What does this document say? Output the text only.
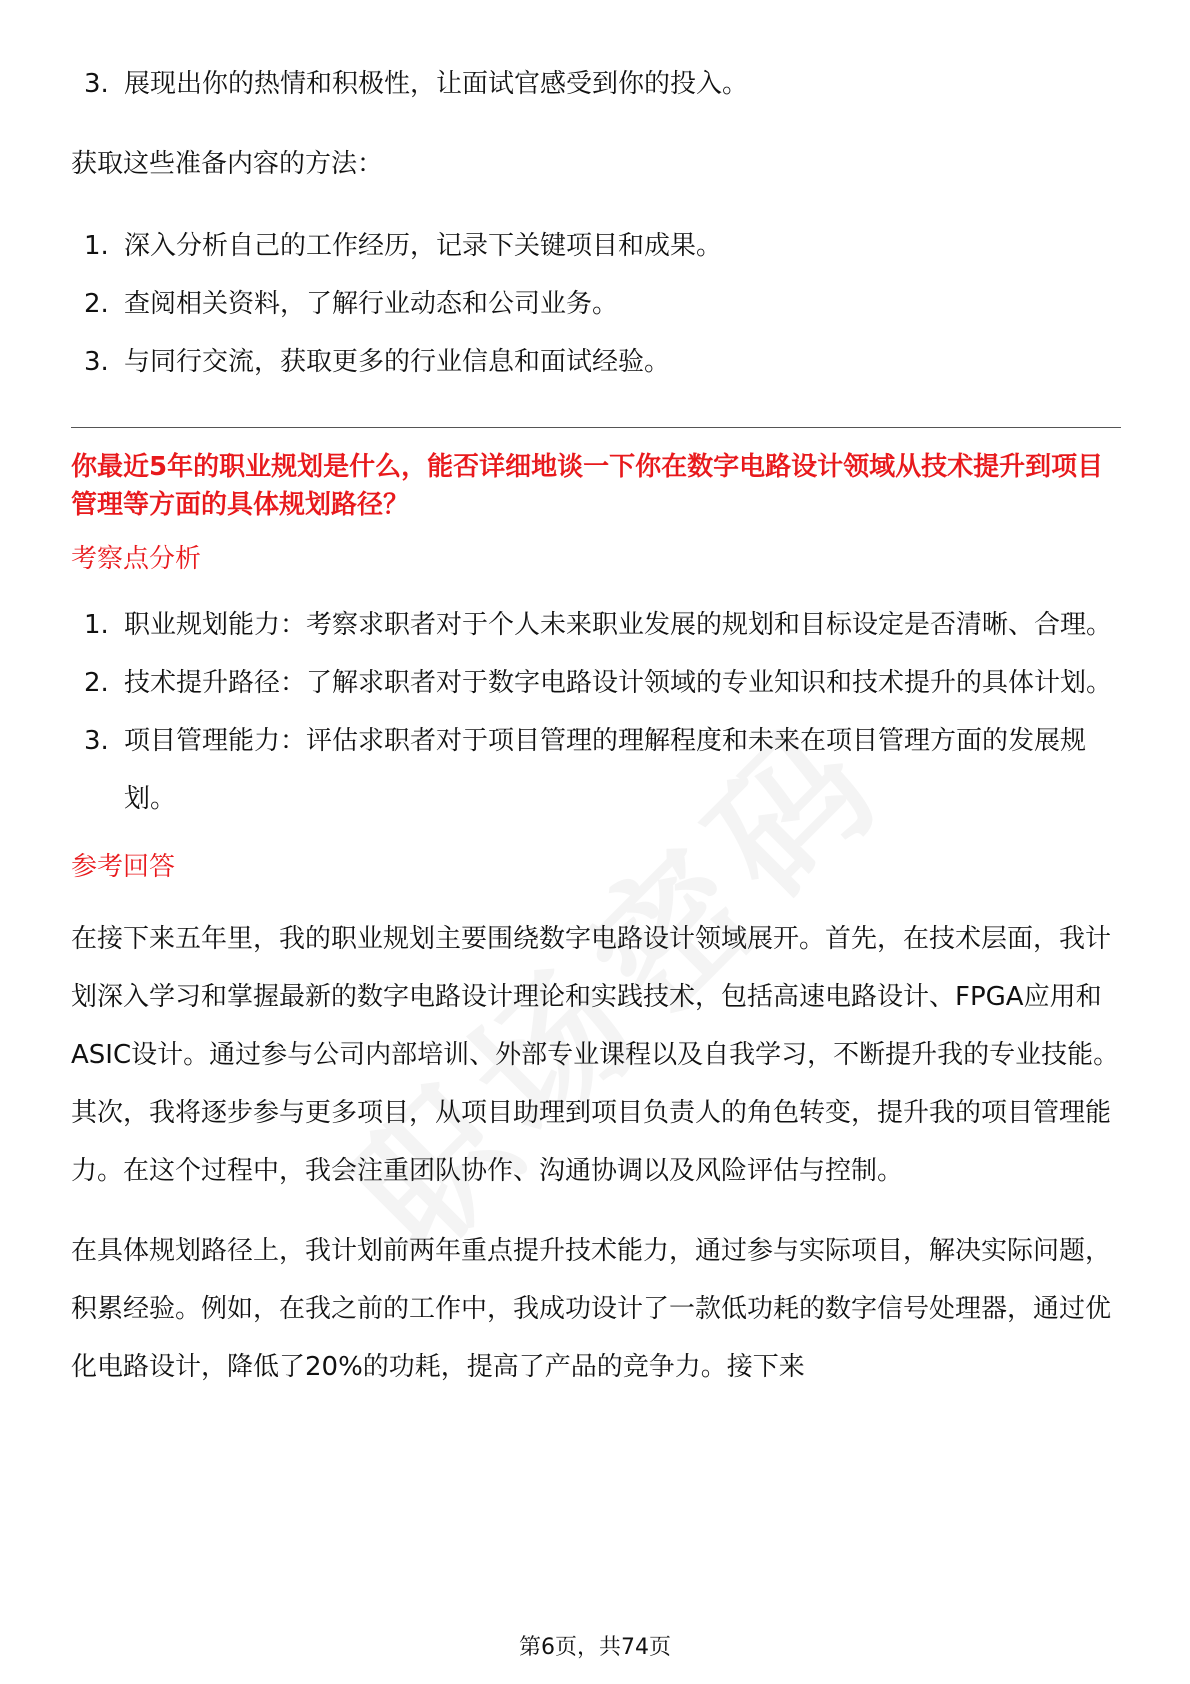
3. 展现出你的热情和积极性，让面试官感受到你的投入。
获取这些准备内容的方法：
1. 深入分析自己的工作经历，记录下关键项目和成果。
2. 查阅相关资料，了解行业动态和公司业务。
3. 与同行交流，获取更多的行业信息和面试经验。
你最近5年的职业规划是什么，能否详细地谈一下你在数字电路设计领域从技术提升到项目管理等方面的具体规划路径？
考察点分析
1. 职业规划能力：考察求职者对于个人未来职业发展的规划和目标设定是否清晰、合理。
2. 技术提升路径：了解求职者对于数字电路设计领域的专业知识和技术提升的具体计划。
3. 项目管理能力：评估求职者对于项目管理的理解程度和未来在项目管理方面的发展规划。
参考回答
在接下来五年里，我的职业规划主要围绕数字电路设计领域展开。首先，在技术层面，我计划深入学习和掌握最新的数字电路设计理论和实践技术，包括高速电路设计、FPGA应用和ASIC设计。通过参与公司内部培训、外部专业课程以及自我学习，不断提升我的专业技能。其次，我将逐步参与更多项目，从项目助理到项目负责人的角色转变，提升我的项目管理能力。在这个过程中，我会注重团队协作、沟通协调以及风险评估与控制。
在具体规划路径上，我计划前两年重点提升技术能力，通过参与实际项目，解决实际问题，积累经验。例如，在我之前的工作中，我成功设计了一款低功耗的数字信号处理器，通过优化电路设计，降低了20%的功耗，提高了产品的竞争力。接下来
第6页，共74页
